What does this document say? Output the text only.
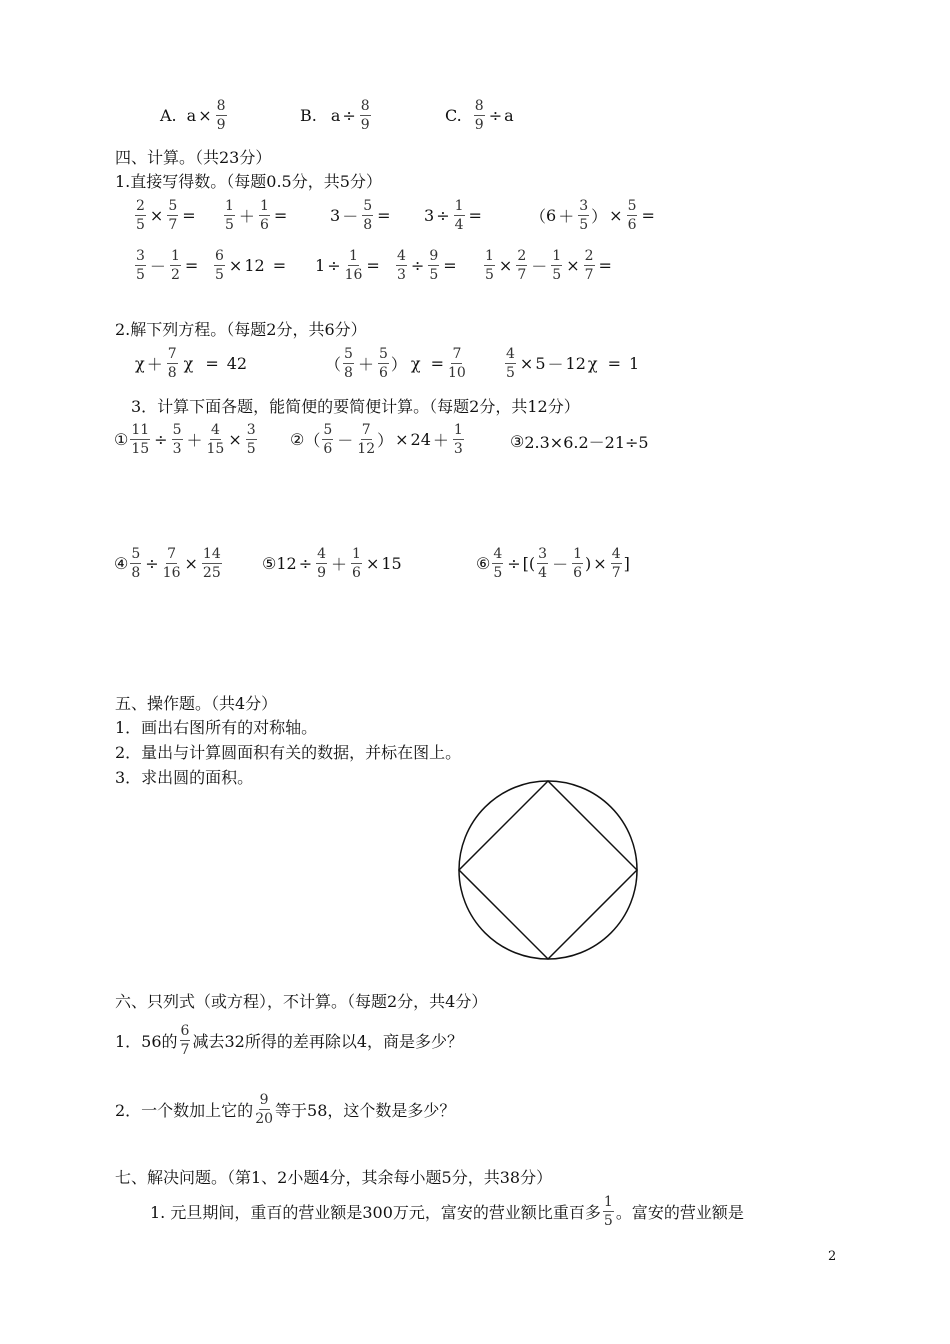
A. $a \times \frac{8}{9}$	B. $a \div \frac{8}{9}$	C. $\frac{8}{9} \div a$
四、计算。（共23分）
1.直接写得数。（每题0.5分，共5分）
$\frac{2}{5} \times \frac{5}{7} = \frac{1}{5} + \frac{1}{6}$ =	$3 - \frac{5}{8} = 3 \div \frac{1}{4}$ =	（ $6 + \frac{3}{5}$ ） × $\frac{5}{6}$ =
$\frac{3}{5} - \frac{1}{2} = \frac{6}{5} \times 12 = 1 \div \frac{1}{16} = \frac{4}{3} \div \frac{9}{5} = \frac{1}{5} \times \frac{2}{7} - \frac{1}{5} \times \frac{2}{7}$ =
2.解下列方程。（每题2分，共6分）
$\chi + \frac{7}{8}$ χ = 42	（ $\frac{5}{8} + \frac{5}{6}$ ） $\chi = \frac{7}{10}$	$\frac{4}{5} \times 5 - 12$ χ = 1
3．计算下面各题，能简便的要简便计算。（每题2分，共12分）
① $\frac{11}{15} \div \frac{5}{3} + \frac{4}{15} \times \frac{3}{5}$ ② （ $\frac{5}{6} - \frac{7}{12}$ ） × $24 + \frac{1}{3}$	③ 2.3×6.2－21÷5
④ $\frac{5}{8} \div \frac{7}{16} \times \frac{14}{25}$	⑤ $12 \div \frac{4}{9} + \frac{1}{6} \times 15$	⑥ $\frac{4}{5}$ ÷ [ ( $\frac{3}{4} - \frac{1}{6}$ ) × $\frac{4}{7}$ ]
五、操作题。（共4分）
1．画出右图所有的对称轴。
2．量出与计算圆面积有关的数据，并标在图上。
3．求出圆的面积。
六、只列式（或方程），不计算。（每题2分，共4分）
1．56的 $\frac{6}{7}$ 减去32所得的差再除以4，商是多少？
2．一个数加上它的 $\frac{9}{20}$ 等于58，这个数是多少？
七、解决问题。（第1、2小题4分，其余每小题5分，共38分）
1. 元旦期间，重百的营业额是300万元，富安的营业额比重百多 $\frac{1}{5}$ 。富安的营业额是
2
